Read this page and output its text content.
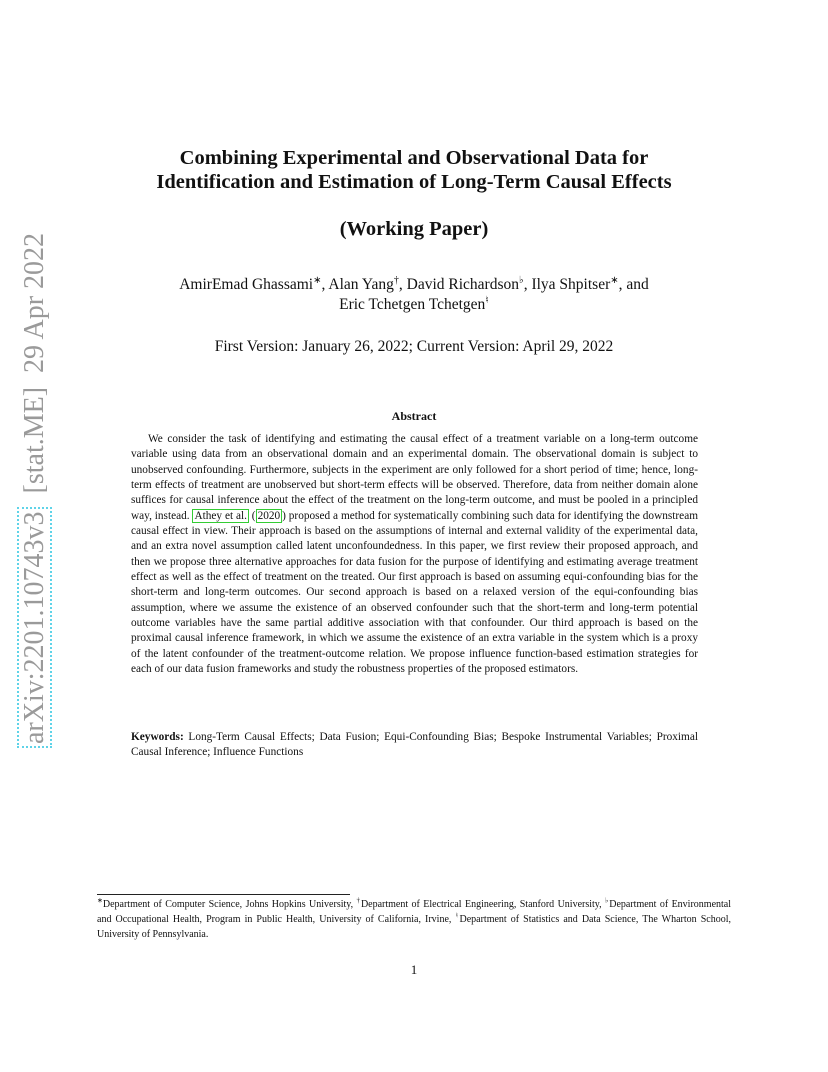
arXiv:2201.10743v3  [stat.ME]  29 Apr 2022
Combining Experimental and Observational Data for
Identification and Estimation of Long-Term Causal Effects
(Working Paper)
AmirEmad Ghassami∗, Alan Yang†, David Richardson♭, Ilya Shpitser∗, and
Eric Tchetgen Tchetgen♮
First Version: January 26, 2022; Current Version: April 29, 2022
Abstract

We consider the task of identifying and estimating the causal effect of a treatment variable on a long-term outcome variable using data from an observational domain and an experimental domain. The observational domain is subject to unobserved confounding. Furthermore, subjects in the experiment are only followed for a short period of time; hence, long-term effects of treatment are unobserved but short-term effects will be observed. Therefore, data from neither domain alone suffices for causal inference about the effect of the treatment on the long-term outcome, and must be pooled in a principled way, instead. Athey et al. ( 2020 ) proposed a method for systematically combining such data for identifying the downstream causal effect in view. Their approach is based on the assumptions of internal and external validity of the experimental data, and an extra novel assumption called latent unconfoundedness. In this paper, we first review their proposed approach, and then we propose three alternative approaches for data fusion for the purpose of identifying and estimating average treatment effect as well as the effect of treatment on the treated. Our first approach is based on assuming equi-confounding bias for the short-term and long-term outcomes. Our second approach is based on a relaxed version of the equi-confounding bias assumption, where we assume the existence of an observed confounder such that the short-term and long-term potential outcome variables have the same partial additive association with that confounder. Our third approach is based on the proximal causal inference framework, in which we assume the existence of an extra variable in the system which is a proxy of the latent confounder of the treatment-outcome relation. We propose influence function-based estimation strategies for each of our data fusion frameworks and study the robustness properties of the proposed estimators.

Keywords: Long-Term Causal Effects; Data Fusion; Equi-Confounding Bias; Bespoke Instrumental Variables; Proximal Causal Inference; Influence Functions

∗Department of Computer Science, Johns Hopkins University, †Department of Electrical Engineering, Stanford University, ♭Department of Environmental and Occupational Health, Program in Public Health, University of California, Irvine, ♮Department of Statistics and Data Science, The Wharton School, University of Pennsylvania.

1
